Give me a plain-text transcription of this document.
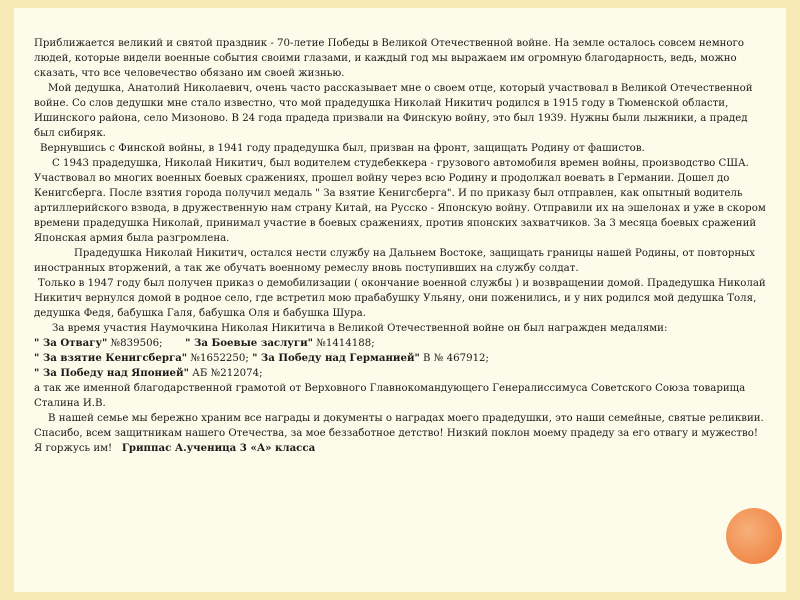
Приближается великий и святой праздник - 70-летие Победы в Великой Отечественной войне. На земле осталось совсем немного людей, которые видели военные события своими глазами, и каждый год мы выражаем им огромную благодарность, ведь, можно сказать, что все человечество обязано им своей жизнью.

Мой дедушка, Анатолий Николаевич, очень часто рассказывает мне о своем отце, который участвовал в Великой Отечественной войне. Со слов дедушки мне стало известно, что мой прадедушка Николай Никитич родился в 1915 году в Тюменской области, Ишинского района, село Мизоново. В 24 года прадеда призвали на Финскую войну, это был 1939. Нужны были лыжники, а прадед был сибиряк.

Вернувшись с Финской войны, в 1941 году прадедушка был, призван на фронт, защищать Родину от фашистов.

С 1943 прадедушка, Николай Никитич, был водителем студебеккера - грузового автомобиля времен войны, производство США. Участвовал во многих военных боевых сражениях, прошел войну через всю Родину и продолжал воевать в Германии. Дошел до Кенигсберга. После взятия города получил медаль " За взятие Кенигсберга". И по приказу был отправлен, как опытный водитель артиллерийского взвода, в дружественную нам страну Китай, на Русско - Японскую войну. Отправили их на эшелонах и уже в скором времени прадедушка Николай, принимал участие в боевых сражениях, против японских захватчиков. За 3 месяца боевых сражений Японская армия была разгромлена.

Прадедушка Николай Никитич, остался нести службу на Дальнем Востоке, защищать границы нашей Родины, от повторных иностранных вторжений, а так же обучать военному ремеслу вновь поступивших на службу солдат.

Только в 1947 году был получен приказ о демобилизации ( окончание военной службы ) и возвращении домой. Прадедушка Николай Никитич вернулся домой в родное село, где встретил мою прабабушку Ульяну, они поженились, и у них родился мой дедушка Толя, дедушка Федя, бабушка Галя, бабушка Оля и бабушка Шура.

За время участия Наумочкина Николая Никитича в Великой Отечественной войне он был награжден медалями:

" За Отвагу" №839506; " За Боевые заслуги" №1414188;

" За взятие Кенигсберга" №1652250; " За Победу над Германией" В № 467912;

" За Победу над Японией" АБ №212074;

а так же именной благодарственной грамотой от Верховного Главнокомандующего Генералиссимуса Советского Союза товарища Сталина И.В.

В нашей семье мы бережно храним все награды и документы о наградах моего прадедушки, это наши семейные, святые реликвии.

Спасибо, всем защитникам нашего Отечества, за мое беззаботное детство! Низкий поклон моему прадеду за его отвагу и мужество! Я горжусь им! Гриппас А.ученица 3 «А» класса
